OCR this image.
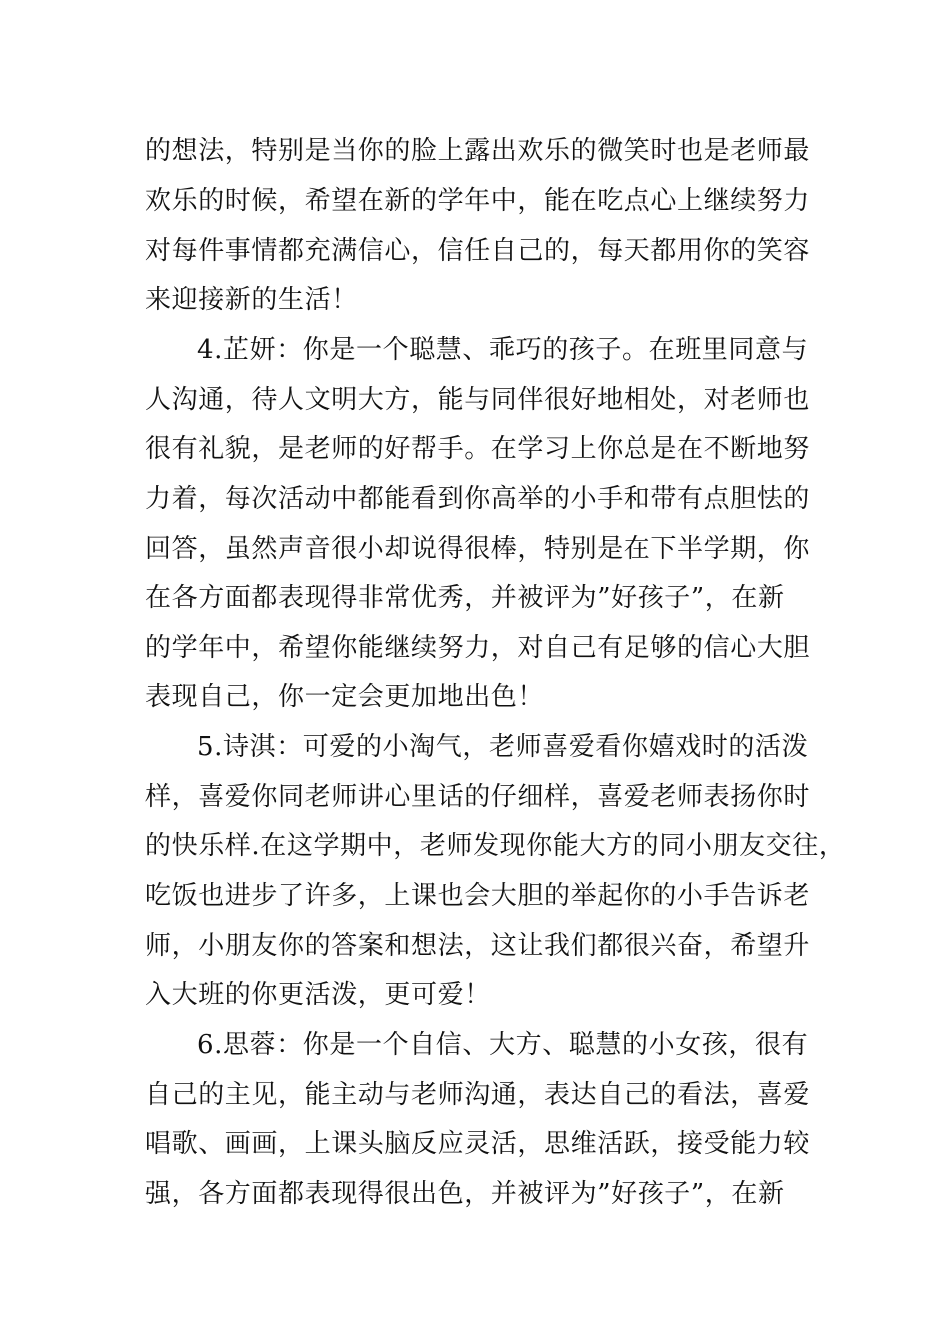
的想法，特别是当你的脸上露出欢乐的微笑时也是老师最
欢乐的时候，希望在新的学年中，能在吃点心上继续努力
对每件事情都充满信心，信任自己的，每天都用你的笑容
来迎接新的生活！
4.芷妍：你是一个聪慧、乖巧的孩子。在班里同意与
人沟通，待人文明大方，能与同伴很好地相处，对老师也
很有礼貌，是老师的好帮手。在学习上你总是在不断地努
力着，每次活动中都能看到你高举的小手和带有点胆怯的
回答，虽然声音很小却说得很棒，特别是在下半学期，你
在各方面都表现得非常优秀，并被评为”好孩子”，在新
的学年中，希望你能继续努力，对自己有足够的信心大胆
表现自己，你一定会更加地出色！
5.诗淇：可爱的小淘气，老师喜爱看你嬉戏时的活泼
样，喜爱你同老师讲心里话的仔细样，喜爱老师表扬你时
的快乐样.在这学期中，老师发现你能大方的同小朋友交往，
吃饭也进步了许多，上课也会大胆的举起你的小手告诉老
师，小朋友你的答案和想法，这让我们都很兴奋，希望升
入大班的你更活泼，更可爱！
6.思蓉：你是一个自信、大方、聪慧的小女孩，很有
自己的主见，能主动与老师沟通，表达自己的看法，喜爱
唱歌、画画，上课头脑反应灵活，思维活跃，接受能力较
强，各方面都表现得很出色，并被评为”好孩子”，在新
